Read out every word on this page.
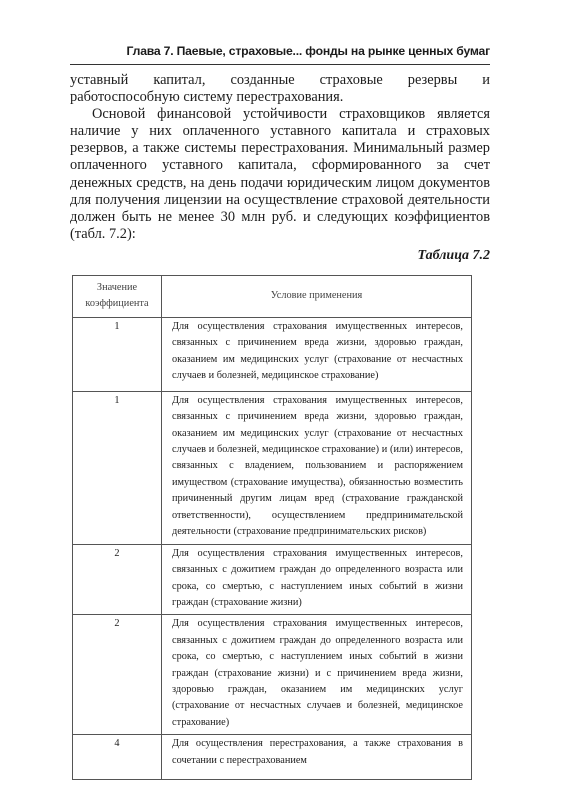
Глава 7. Паевые, страховые... фонды на рынке ценных бумаг

уставный капитал, созданные страховые резервы и работоспособную систему перестрахования.

Основой финансовой устойчивости страховщиков является наличие у них оплаченного уставного капитала и страховых резервов, а также системы перестрахования. Минимальный размер оплаченного уставного капитала, сформированного за счет денежных средств, на день подачи юридическим лицом документов для получения лицензии на осуществление страховой деятельности должен быть не менее 30 млн руб. и следующих коэффициентов (табл. 7.2):

Таблица 7.2
Значение коэффициента	Условие применения
1	Для осуществления страхования имущественных интересов, связанных с причинением вреда жизни, здоровью граждан, оказанием им медицинских услуг (страхование от несчастных случаев и болезней, медицинское страхование)
1	Для осуществления страхования имущественных интересов, связанных с причинением вреда жизни, здоровью граждан, оказанием им медицинских услуг (страхование от несчастных случаев и болезней, медицинское страхование) и (или) интересов, связанных с владением, пользованием и распоряжением имуществом (страхование имущества), обязанностью возместить причиненный другим лицам вред (страхование гражданской ответственности), осуществлением предпринимательской деятельности (страхование предпринимательских рисков)
2	Для осуществления страхования имущественных интересов, связанных с дожитием граждан до определенного возраста или срока, со смертью, с наступлением иных событий в жизни граждан (страхование жизни)
2	Для осуществления страхования имущественных интересов, связанных с дожитием граждан до определенного возраста или срока, со смертью, с наступлением иных событий в жизни граждан (страхование жизни) и с причинением вреда жизни, здоровью граждан, оказанием им медицинских услуг (страхование от несчастных случаев и болезней, медицинское страхование)
4	Для осуществления перестрахования, а также страхования в сочетании с перестрахованием
